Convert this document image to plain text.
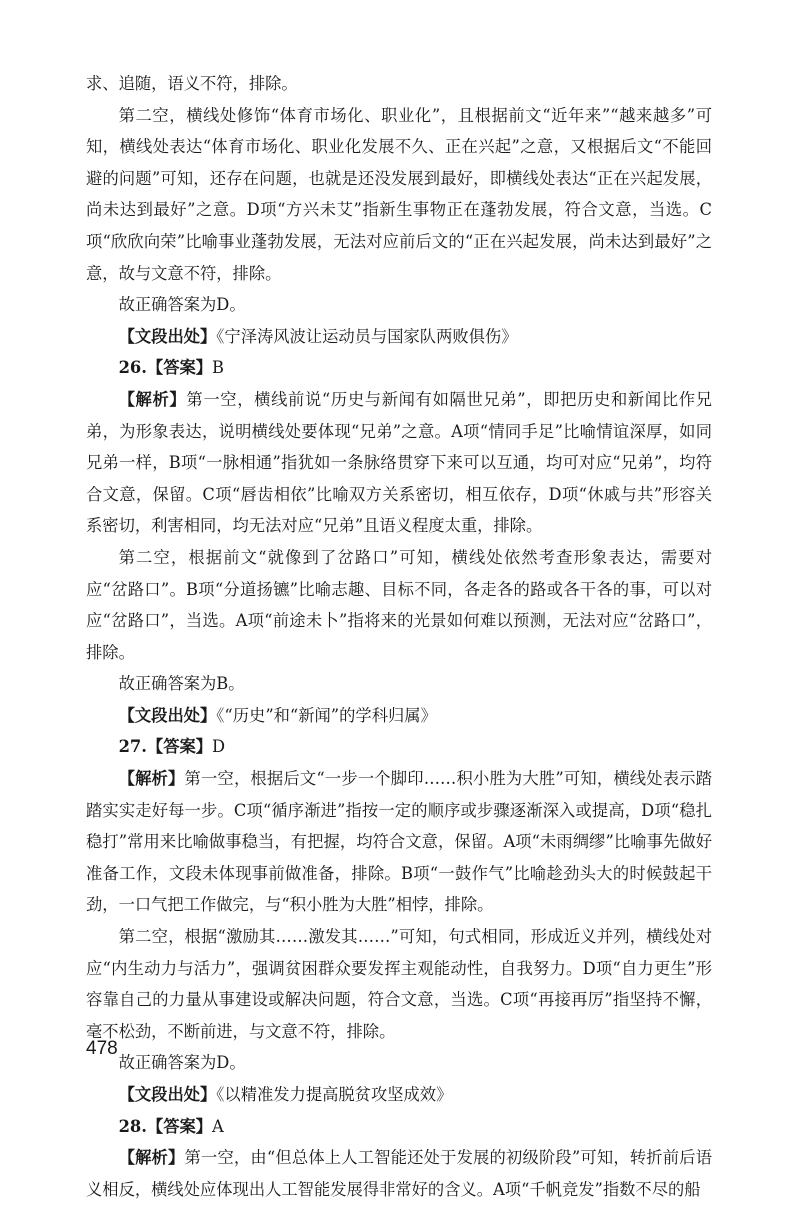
求、追随，语义不符，排除。

第二空，横线处修饰“体育市场化、职业化”，且根据前文“近年来”“越来越多”可知，横线处表达“体育市场化、职业化发展不久、正在兴起”之意，又根据后文“不能回避的问题”可知，还存在问题，也就是还没发展到最好，即横线处表达“正在兴起发展，尚未达到最好”之意。D项“方兴未艾”指新生事物正在蓬勃发展，符合文意，当选。C项“欣欣向荣”比喻事业蓬勃发展，无法对应前后文的“正在兴起发展，尚未达到最好”之意，故与文意不符，排除。

故正确答案为D。

【文段出处】《宁泽涛风波让运动员与国家队两败俱伤》

26.【答案】B

【解析】第一空，横线前说“历史与新闻有如隔世兄弟”，即把历史和新闻比作兄弟，为形象表达，说明横线处要体现“兄弟”之意。A项“情同手足”比喻情谊深厚，如同兄弟一样，B项“一脉相通”指犹如一条脉络贯穿下来可以互通，均可对应“兄弟”，均符合文意，保留。C项“唇齿相依”比喻双方关系密切，相互依存，D项“休戚与共”形容关系密切，利害相同，均无法对应“兄弟”且语义程度太重，排除。

第二空，根据前文“就像到了岔路口”可知，横线处依然考查形象表达，需要对应“岔路口”。B项“分道扬镳”比喻志趣、目标不同，各走各的路或各干各的事，可以对应“岔路口”，当选。A项“前途未卜”指将来的光景如何难以预测，无法对应“岔路口”，排除。

故正确答案为B。

【文段出处】《“历史”和“新闻”的学科归属》

27.【答案】D

【解析】第一空，根据后文“一步一个脚印……积小胜为大胜”可知，横线处表示踏踏实实走好每一步。C项“循序渐进”指按一定的顺序或步骤逐渐深入或提高，D项“稳扎稳打”常用来比喻做事稳当，有把握，均符合文意，保留。A项“未雨绸缪”比喻事先做好准备工作，文段未体现事前做准备，排除。B项“一鼓作气”比喻趁劲头大的时候鼓起干劲，一口气把工作做完，与“积小胜为大胜”相悖，排除。

第二空，根据“激励其……激发其……”可知，句式相同，形成近义并列，横线处对应“内生动力与活力”，强调贫困群众要发挥主观能动性，自我努力。D项“自力更生”形容靠自己的力量从事建设或解决问题，符合文意，当选。C项“再接再厉”指坚持不懈，毫不松劲，不断前进，与文意不符，排除。

故正确答案为D。

【文段出处】《以精准发力提高脱贫攻坚成效》

28.【答案】A

【解析】第一空，由“但总体上人工智能还处于发展的初级阶段”可知，转折前后语义相反，横线处应体现出人工智能发展得非常好的含义。A项“千帆竞发”指数不尽的船

478
